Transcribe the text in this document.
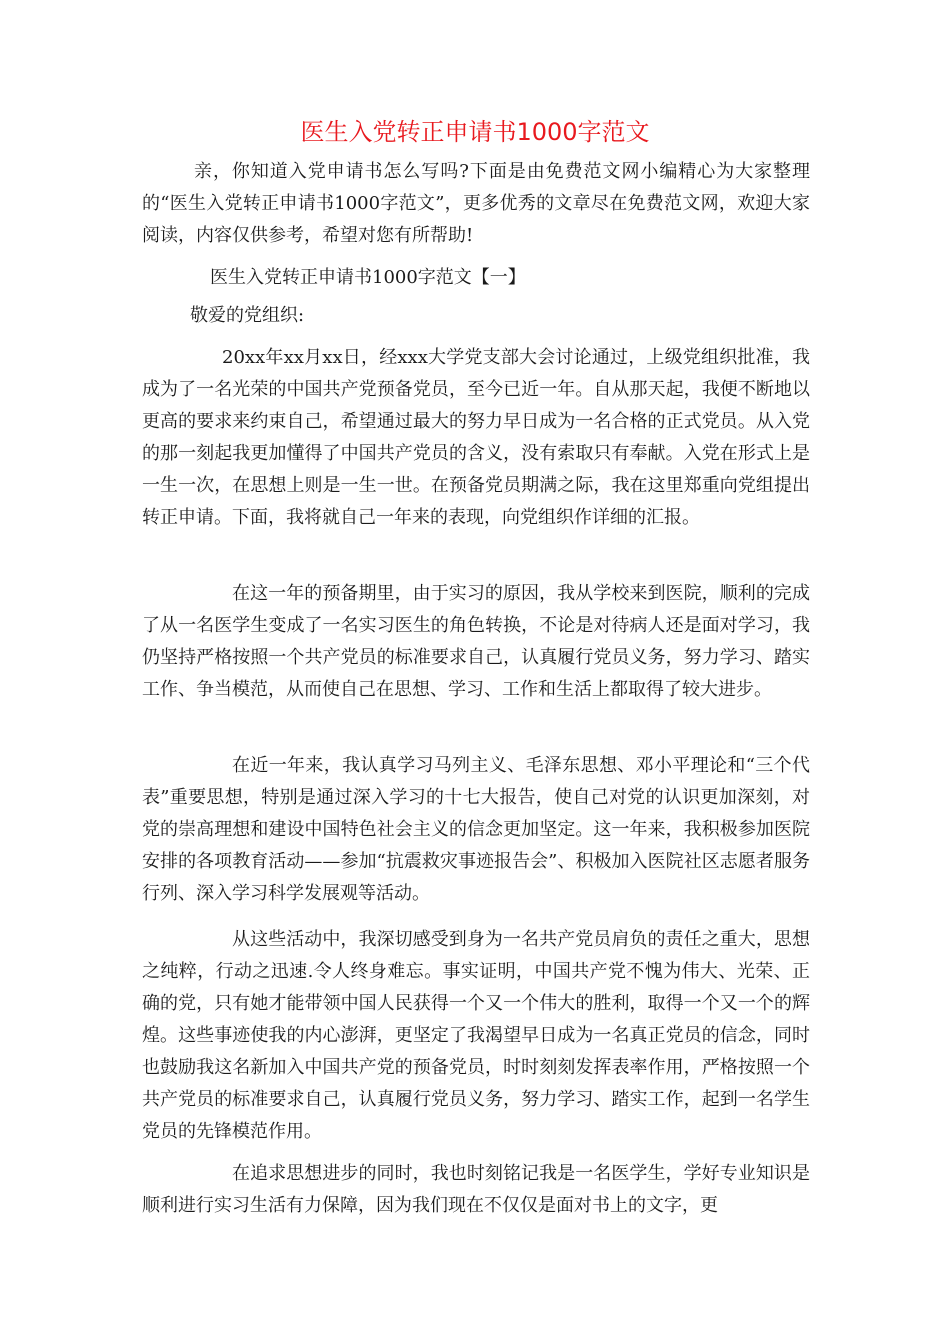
医生入党转正申请书1000字范文

亲，你知道入党申请书怎么写吗?下面是由免费范文网小编精心为大家整理的“医生入党转正申请书1000字范文”，更多优秀的文章尽在免费范文网，欢迎大家阅读，内容仅供参考，希望对您有所帮助!

医生入党转正申请书1000字范文【一】

敬爱的党组织:

20xx年xx月xx日，经xxx大学党支部大会讨论通过，上级党组织批准，我成为了一名光荣的中国共产党预备党员，至今已近一年。自从那天起，我便不断地以更高的要求来约束自己，希望通过最大的努力早日成为一名合格的正式党员。从入党的那一刻起我更加懂得了中国共产党员的含义，没有索取只有奉献。入党在形式上是一生一次，在思想上则是一生一世。在预备党员期满之际，我在这里郑重向党组提出转正申请。下面，我将就自己一年来的表现，向党组织作详细的汇报。

在这一年的预备期里，由于实习的原因，我从学校来到医院，顺利的完成了从一名医学生变成了一名实习医生的角色转换，不论是对待病人还是面对学习，我仍坚持严格按照一个共产党员的标准要求自己，认真履行党员义务，努力学习、踏实工作、争当模范，从而使自己在思想、学习、工作和生活上都取得了较大进步。

在近一年来，我认真学习马列主义、毛泽东思想、邓小平理论和“三个代表”重要思想，特别是通过深入学习的十七大报告，使自己对党的认识更加深刻，对党的崇高理想和建设中国特色社会主义的信念更加坚定。这一年来，我积极参加医院安排的各项教育活动——参加“抗震救灾事迹报告会”、积极加入医院社区志愿者服务行列、深入学习科学发展观等活动。

从这些活动中，我深切感受到身为一名共产党员肩负的责任之重大，思想之纯粹，行动之迅速.令人终身难忘。事实证明，中国共产党不愧为伟大、光荣、正确的党，只有她才能带领中国人民获得一个又一个伟大的胜利，取得一个又一个的辉煌。这些事迹使我的内心澎湃，更坚定了我渴望早日成为一名真正党员的信念，同时也鼓励我这名新加入中国共产党的预备党员，时时刻刻发挥表率作用，严格按照一个共产党员的标准要求自己，认真履行党员义务，努力学习、踏实工作，起到一名学生党员的先锋模范作用。

在追求思想进步的同时，我也时刻铭记我是一名医学生，学好专业知识是顺利进行实习生活有力保障，因为我们现在不仅仅是面对书上的文字，更
